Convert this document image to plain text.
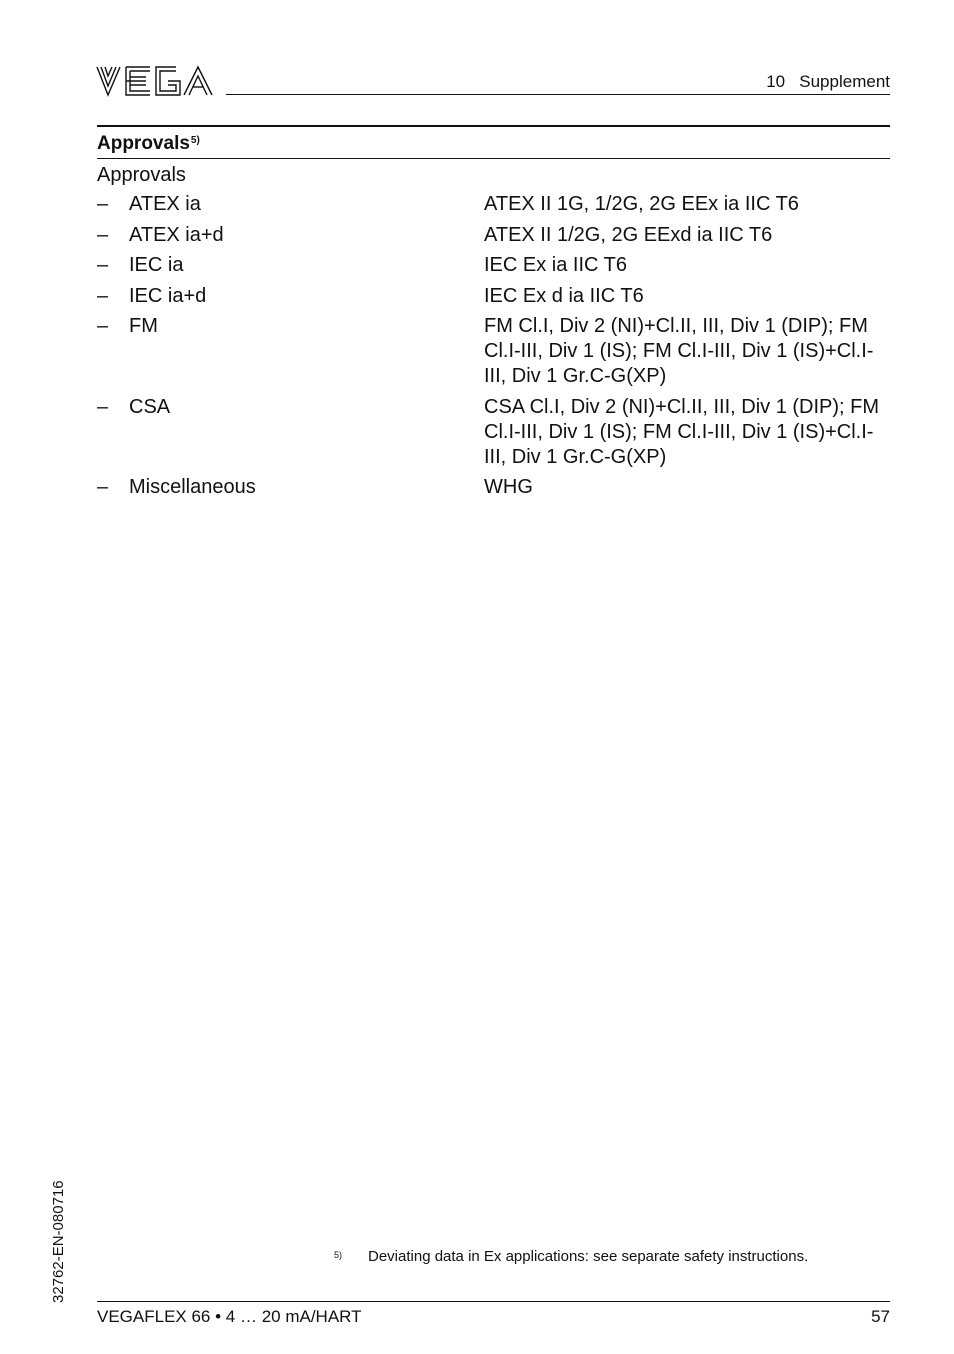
10   Supplement
Approvals$^{5)}$
Approvals
–	ATEX ia	ATEX II 1G, 1/2G, 2G EEx ia IIC T6
–	ATEX ia+d	ATEX II 1/2G, 2G EExd ia IIC T6
–	IEC ia	IEC Ex ia IIC T6
–	IEC ia+d	IEC Ex d ia IIC T6
–	FM	FM Cl.I, Div 2 (NI)+Cl.II, III, Div 1 (DIP); FM Cl.I-III, Div 1 (IS); FM Cl.I-III, Div 1 (IS)+Cl.I-III, Div 1 Gr.C-G(XP)
–	CSA	CSA Cl.I, Div 2 (NI)+Cl.II, III, Div 1 (DIP); FM Cl.I-III, Div 1 (IS); FM Cl.I-III, Div 1 (IS)+Cl.I-III, Div 1 Gr.C-G(XP)
–	Miscellaneous	WHG
5)	Deviating data in Ex applications: see separate safety instructions.
32762-EN-080716
VEGAFLEX 66 • 4 … 20 mA/HART	57
